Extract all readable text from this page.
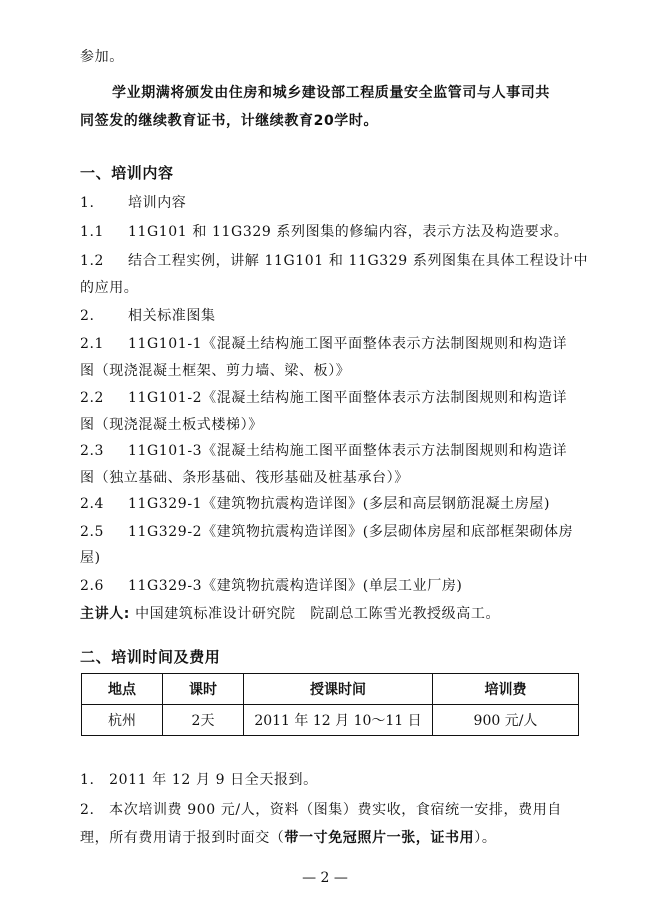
参加。
学业期满将颁发由住房和城乡建设部工程质量安全监管司与人事司共
同签发的继续教育证书，计继续教育20学时。
一、培训内容
1. 培训内容
1.1 11G101 和 11G329 系列图集的修编内容，表示方法及构造要求。
1.2 结合工程实例，讲解 11G101 和 11G329 系列图集在具体工程设计中
的应用。
2. 相关标准图集
2.1 11G101-1《混凝土结构施工图平面整体表示方法制图规则和构造详
图（现浇混凝土框架、剪力墙、梁、板）》
2.2 11G101-2《混凝土结构施工图平面整体表示方法制图规则和构造详
图（现浇混凝土板式楼梯）》
2.3 11G101-3《混凝土结构施工图平面整体表示方法制图规则和构造详
图（独立基础、条形基础、筏形基础及桩基承台）》
2.4 11G329-1《建筑物抗震构造详图》(多层和高层钢筋混凝土房屋)
2.5 11G329-2《建筑物抗震构造详图》(多层砌体房屋和底部框架砌体房
屋)
2.6 11G329-3《建筑物抗震构造详图》(单层工业厂房)
主讲人: 中国建筑标准设计研究院　院副总工陈雪光教授级高工。
二、培训时间及费用
地点	课时	授课时间	培训费
杭州	2天	2011 年 12 月 10～11 日	900 元/人
1.　2011 年 12 月 9 日全天报到。
2.　本次培训费 900 元/人，资料（图集）费实收，食宿统一安排，费用自
理，所有费用请于报到时面交（带一寸免冠照片一张，证书用）。
— 2 —
